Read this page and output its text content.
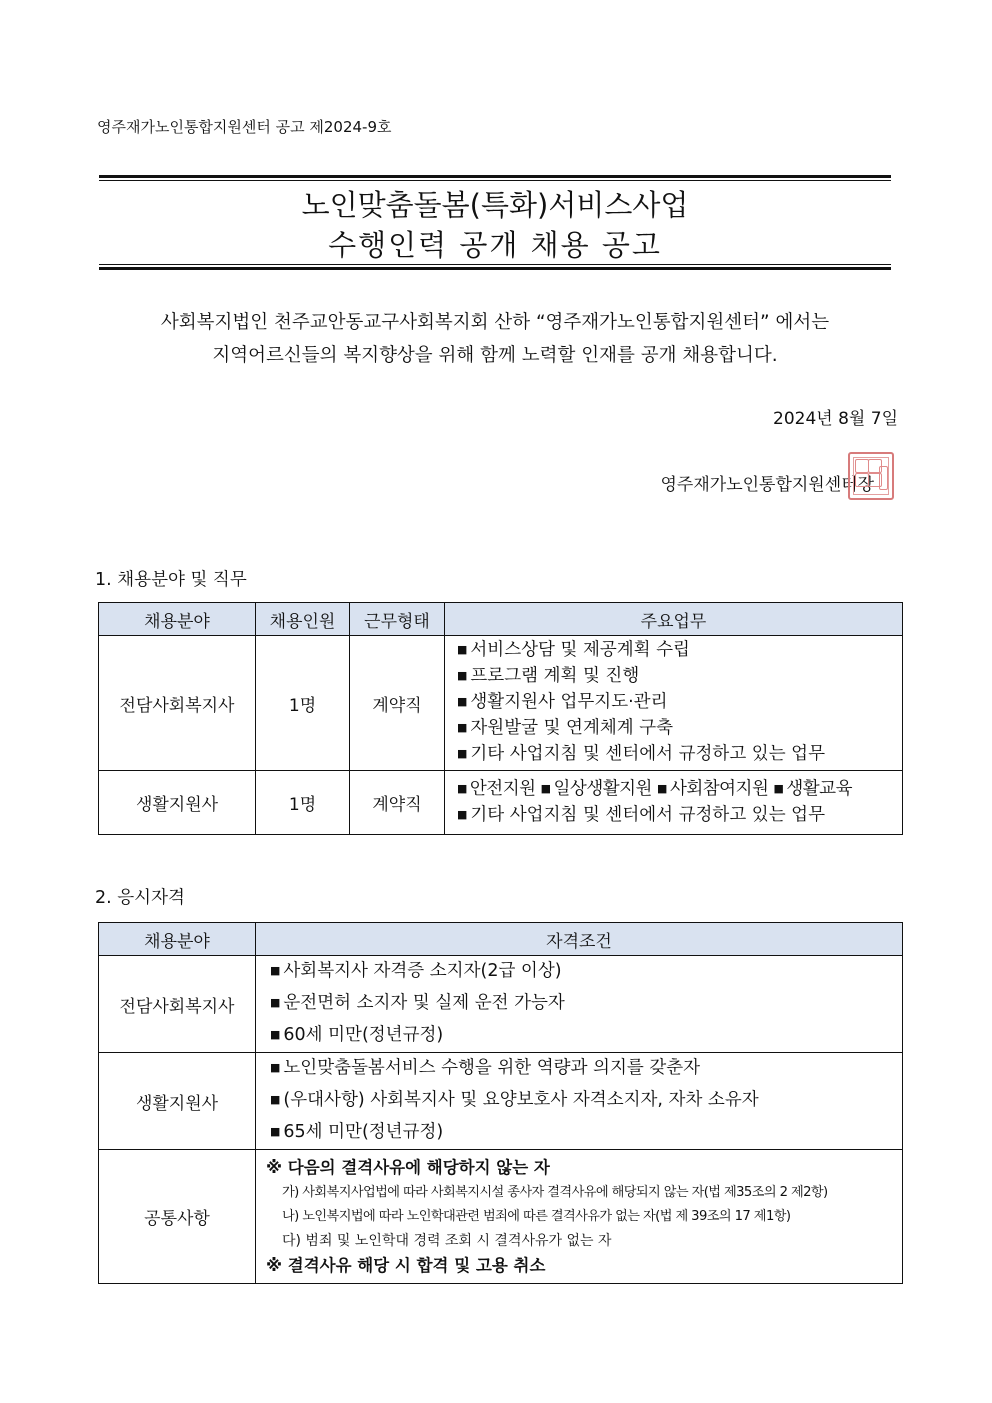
영주재가노인통합지원센터 공고 제2024-9호
노인맞춤돌봄(특화)서비스사업
수행인력 공개 채용 공고
사회복지법인 천주교안동교구사회복지회 산하 “영주재가노인통합지원센터” 에서는
지역어르신들의 복지향상을 위해 함께 노력할 인재를 공개 채용합니다.
2024년 8월 7일
영주재가노인통합지원센터장
1. 채용분야 및 직무
채용분야	채용인원	근무형태	주요업무
전담사회복지사	1명	계약직	■ 서비스상담 및 제공계획 수립
■ 프로그램 계획 및 진행
■ 생활지원사 업무지도·관리
■ 자원발굴 및 연계체계 구축
■ 기타 사업지침 및 센터에서 규정하고 있는 업무

생활지원사	1명	계약직	■ 안전지원 ■ 일상생활지원 ■ 사회참여지원 ■ 생활교육
■ 기타 사업지침 및 센터에서 규정하고 있는 업무
2. 응시자격
채용분야	자격조건
전담사회복지사	■ 사회복지사 자격증 소지자(2급 이상)
■ 운전면허 소지자 및 실제 운전 가능자
■ 60세 미만(정년규정)

생활지원사	■ 노인맞춤돌봄서비스 수행을 위한 역량과 의지를 갖춘자
■ (우대사항) 사회복지사 및 요양보호사 자격소지자, 자차 소유자
■ 65세 미만(정년규정)

공통사항	※ 다음의 결격사유에 해당하지 않는 자
가) 사회복지사업법에 따라 사회복지시설 종사자 결격사유에 해당되지 않는 자(법 제35조의 2 제2항)
나) 노인복지법에 따라 노인학대관련 범죄에 따른 결격사유가 없는 자(법 제 39조의 17 제1항)
다) 범죄 및 노인학대 경력 조회 시 결격사유가 없는 자
※ 결격사유 해당 시 합격 및 고용 취소
